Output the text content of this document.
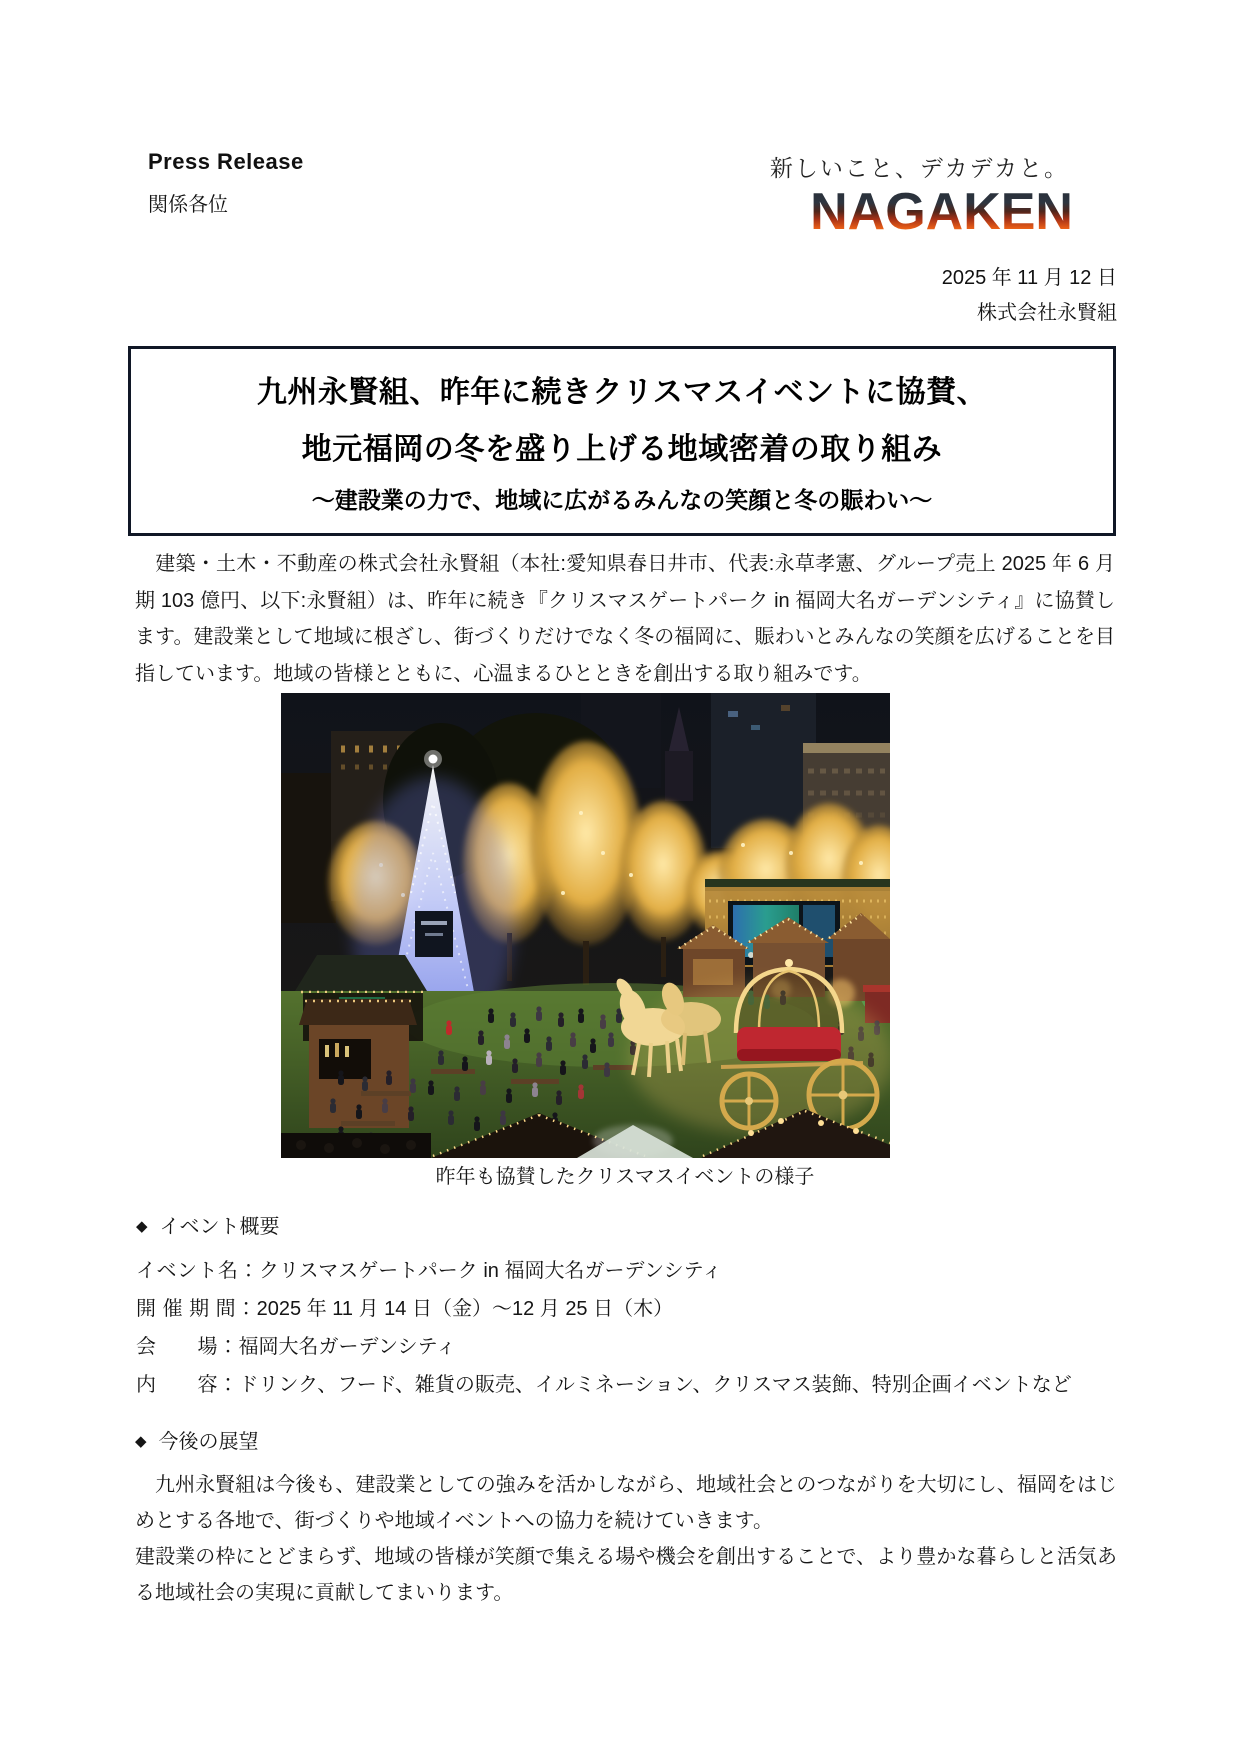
Press Release
関係各位
新しいこと、デカデカと。
NAGAKEN
2025 年 11 月 12 日
株式会社永賢組
九州永賢組、昨年に続きクリスマスイベントに協賛、
地元福岡の冬を盛り上げる地域密着の取り組み
～建設業の力で、地域に広がるみんなの笑顔と冬の賑わい～
　建築・土木・不動産の株式会社永賢組（本社:愛知県春日井市、代表:永草孝憲、グループ売上 2025 年 6 月期 103 億円、以下:永賢組）は、昨年に続き『クリスマスゲートパーク in 福岡大名ガーデンシティ』に協賛します。建設業として地域に根ざし、街づくりだけでなく冬の福岡に、賑わいとみんなの笑顔を広げることを目指しています。地域の皆様とともに、心温まるひとときを創出する取り組みです。
昨年も協賛したクリスマスイベントの様子
◆ イベント概要
イベント名：クリスマスゲートパーク in 福岡大名ガーデンシティ
開 催 期 間：2025 年 11 月 14 日（金）～12 月 25 日（木）
会　　場：福岡大名ガーデンシティ
内　　容：ドリンク、フード、雑貨の販売、イルミネーション、クリスマス装飾、特別企画イベントなど
◆ 今後の展望

　九州永賢組は今後も、建設業としての強みを活かしながら、地域社会とのつながりを大切にし、福岡をはじめとする各地で、街づくりや地域イベントへの協力を続けていきます。

建設業の枠にとどまらず、地域の皆様が笑顔で集える場や機会を創出することで、より豊かな暮らしと活気ある地域社会の実現に貢献してまいります。
